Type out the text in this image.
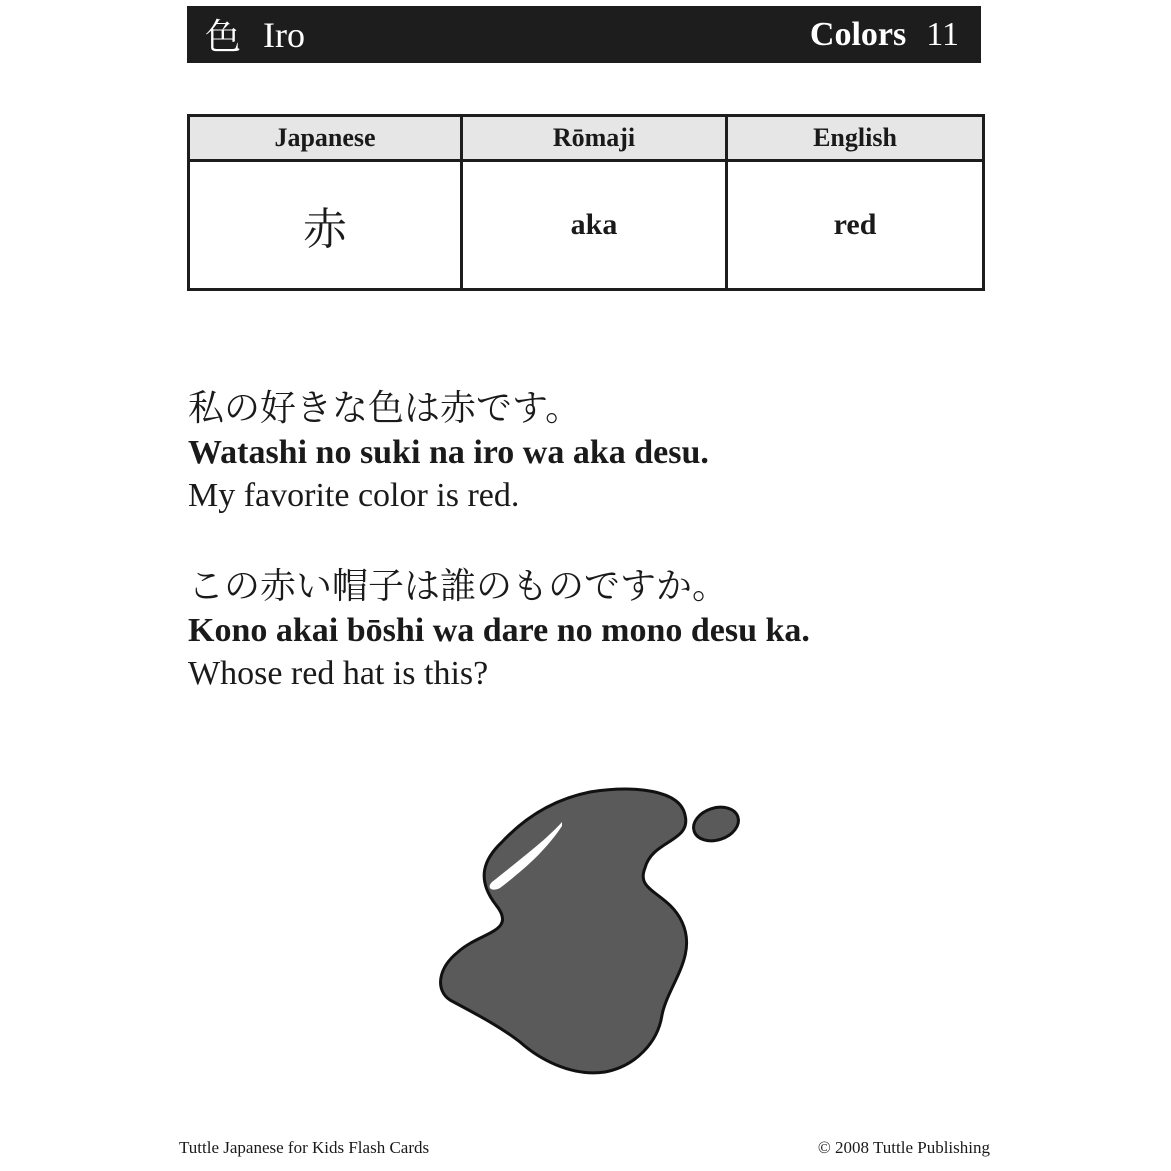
色 Iro	Colors 11
Japanese	Rōmaji	English
赤	aka	red
私の好きな色は赤です。
Watashi no suki na iro wa aka desu.
My favorite color is red.
この赤い帽子は誰のものですか。
Kono akai bōshi wa dare no mono desu ka.
Whose red hat is this?
Tuttle Japanese for Kids Flash Cards	© 2008 Tuttle Publishing
